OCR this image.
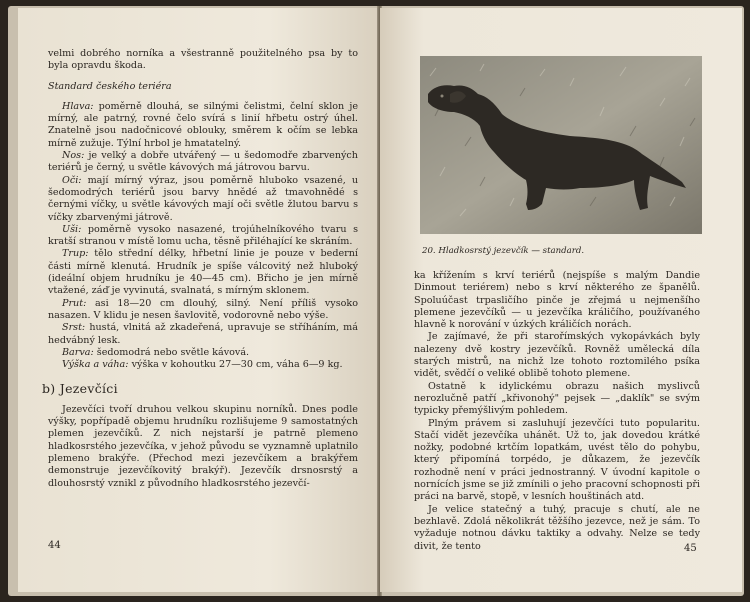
velmi dobrého norníka a všestranně použitelného psa by to byla opravdu škoda.

Standard českého teriéra

Hlava: poměrně dlouhá, se silnými čelistmi, čelní sklon je mírný, ale patrný, rovné čelo svírá s linií hřbetu ostrý úhel. Znatelně jsou nadočnicové oblouky, směrem k očím se lebka mírně zužuje. Týlní hrbol je hmatatelný.

Nos: je velký a dobře utvářený — u šedomodře zbarvených teriérů je černý, u světle kávových má játrovou barvu.

Oči: mají mírný výraz, jsou poměrně hluboko vsazené, u šedomodrých teriérů jsou barvy hnědé až tmavohnědé s černými víčky, u světle kávových mají oči světle žlutou barvu s víčky zbarvenými játrově.

Uši: poměrně vysoko nasazené, trojúhelníkového tvaru s kratší stranou v místě lomu ucha, těsně přiléhající ke skráním.

Trup: tělo střední délky, hřbetní linie je pouze v bederní části mírně klenutá. Hrudník je spíše válcovitý než hluboký (ideální objem hrudníku je 40—45 cm). Břicho je jen mírně vtažené, záď je vyvinutá, svalnatá, s mírným sklonem.

Prut: asi 18—20 cm dlouhý, silný. Není příliš vysoko nasazen. V klidu je nesen šavlovitě, vodorovně nebo výše.

Srst: hustá, vlnitá až zkadeřená, upravuje se stříháním, má hedvábný lesk.

Barva: šedomodrá nebo světle kávová.

Výška a váha: výška v kohoutku 27—30 cm, váha 6—9 kg.

b) Jezevčíci

Jezevčíci tvoří druhou velkou skupinu norníků. Dnes podle výšky, popřípadě objemu hrudníku rozlišujeme 9 samostatných plemen jezevčíků. Z nich nejstarší je patrně plemeno hladkosrstého jezevčíka, v jehož původu se vyznamně uplatnilo plemeno brakýře. (Přechod mezi jezevčíkem a brakýřem demonstruje jezevčíkovitý brakýř). Jezevčík drsnosrstý a dlouhosrstý vznikl z původního hladkosrstého jezevčí-

44
20. Hladkosrstý jezevčík — standard.

ka křížením s krví teriérů (nejspíše s malým Dandie Dinmout teriérem) nebo s krví některého ze španělů. Spoluúčast trpasličího pinče je zřejmá u nejmenšího plemene jezevčíků — u jezevčíka králičího, používaného hlavně k norování v úzkých králičích norách.

Je zajímavé, že při starořímských vykopávkách byly nalezeny dvě kostry jezevčíků. Rovněž umělecká díla starých mistrů, na nichž lze tohoto roztomilého psíka vidět, svědčí o veliké oblibě tohoto plemene.

Ostatně k idylickému obrazu našich myslivců nerozlučně patří „křivonohý" pejsek — „daklík" se svým typicky přemýšlivým pohledem.

Plným právem si zasluhují jezevčíci tuto popularitu. Stačí vidět jezevčíka uhánět. Už to, jak dovedou krátké nožky, podobné krtčím lopatkám, uvést tělo do pohybu, který připomíná torpédo, je důkazem, že jezevčík rozhodně není v práci jednostranný. V úvodní kapitole o nornících jsme se již zmínili o jeho pracovní schopnosti při práci na barvě, stopě, v lesních houštinách atd.

Je velice statečný a tuhý, pracuje s chutí, ale ne bezhlavě. Zdolá několikrát těžšího jezevce, než je sám. To vyžaduje notnou dávku taktiky a odvahy. Nelze se tedy divit, že tento	45
